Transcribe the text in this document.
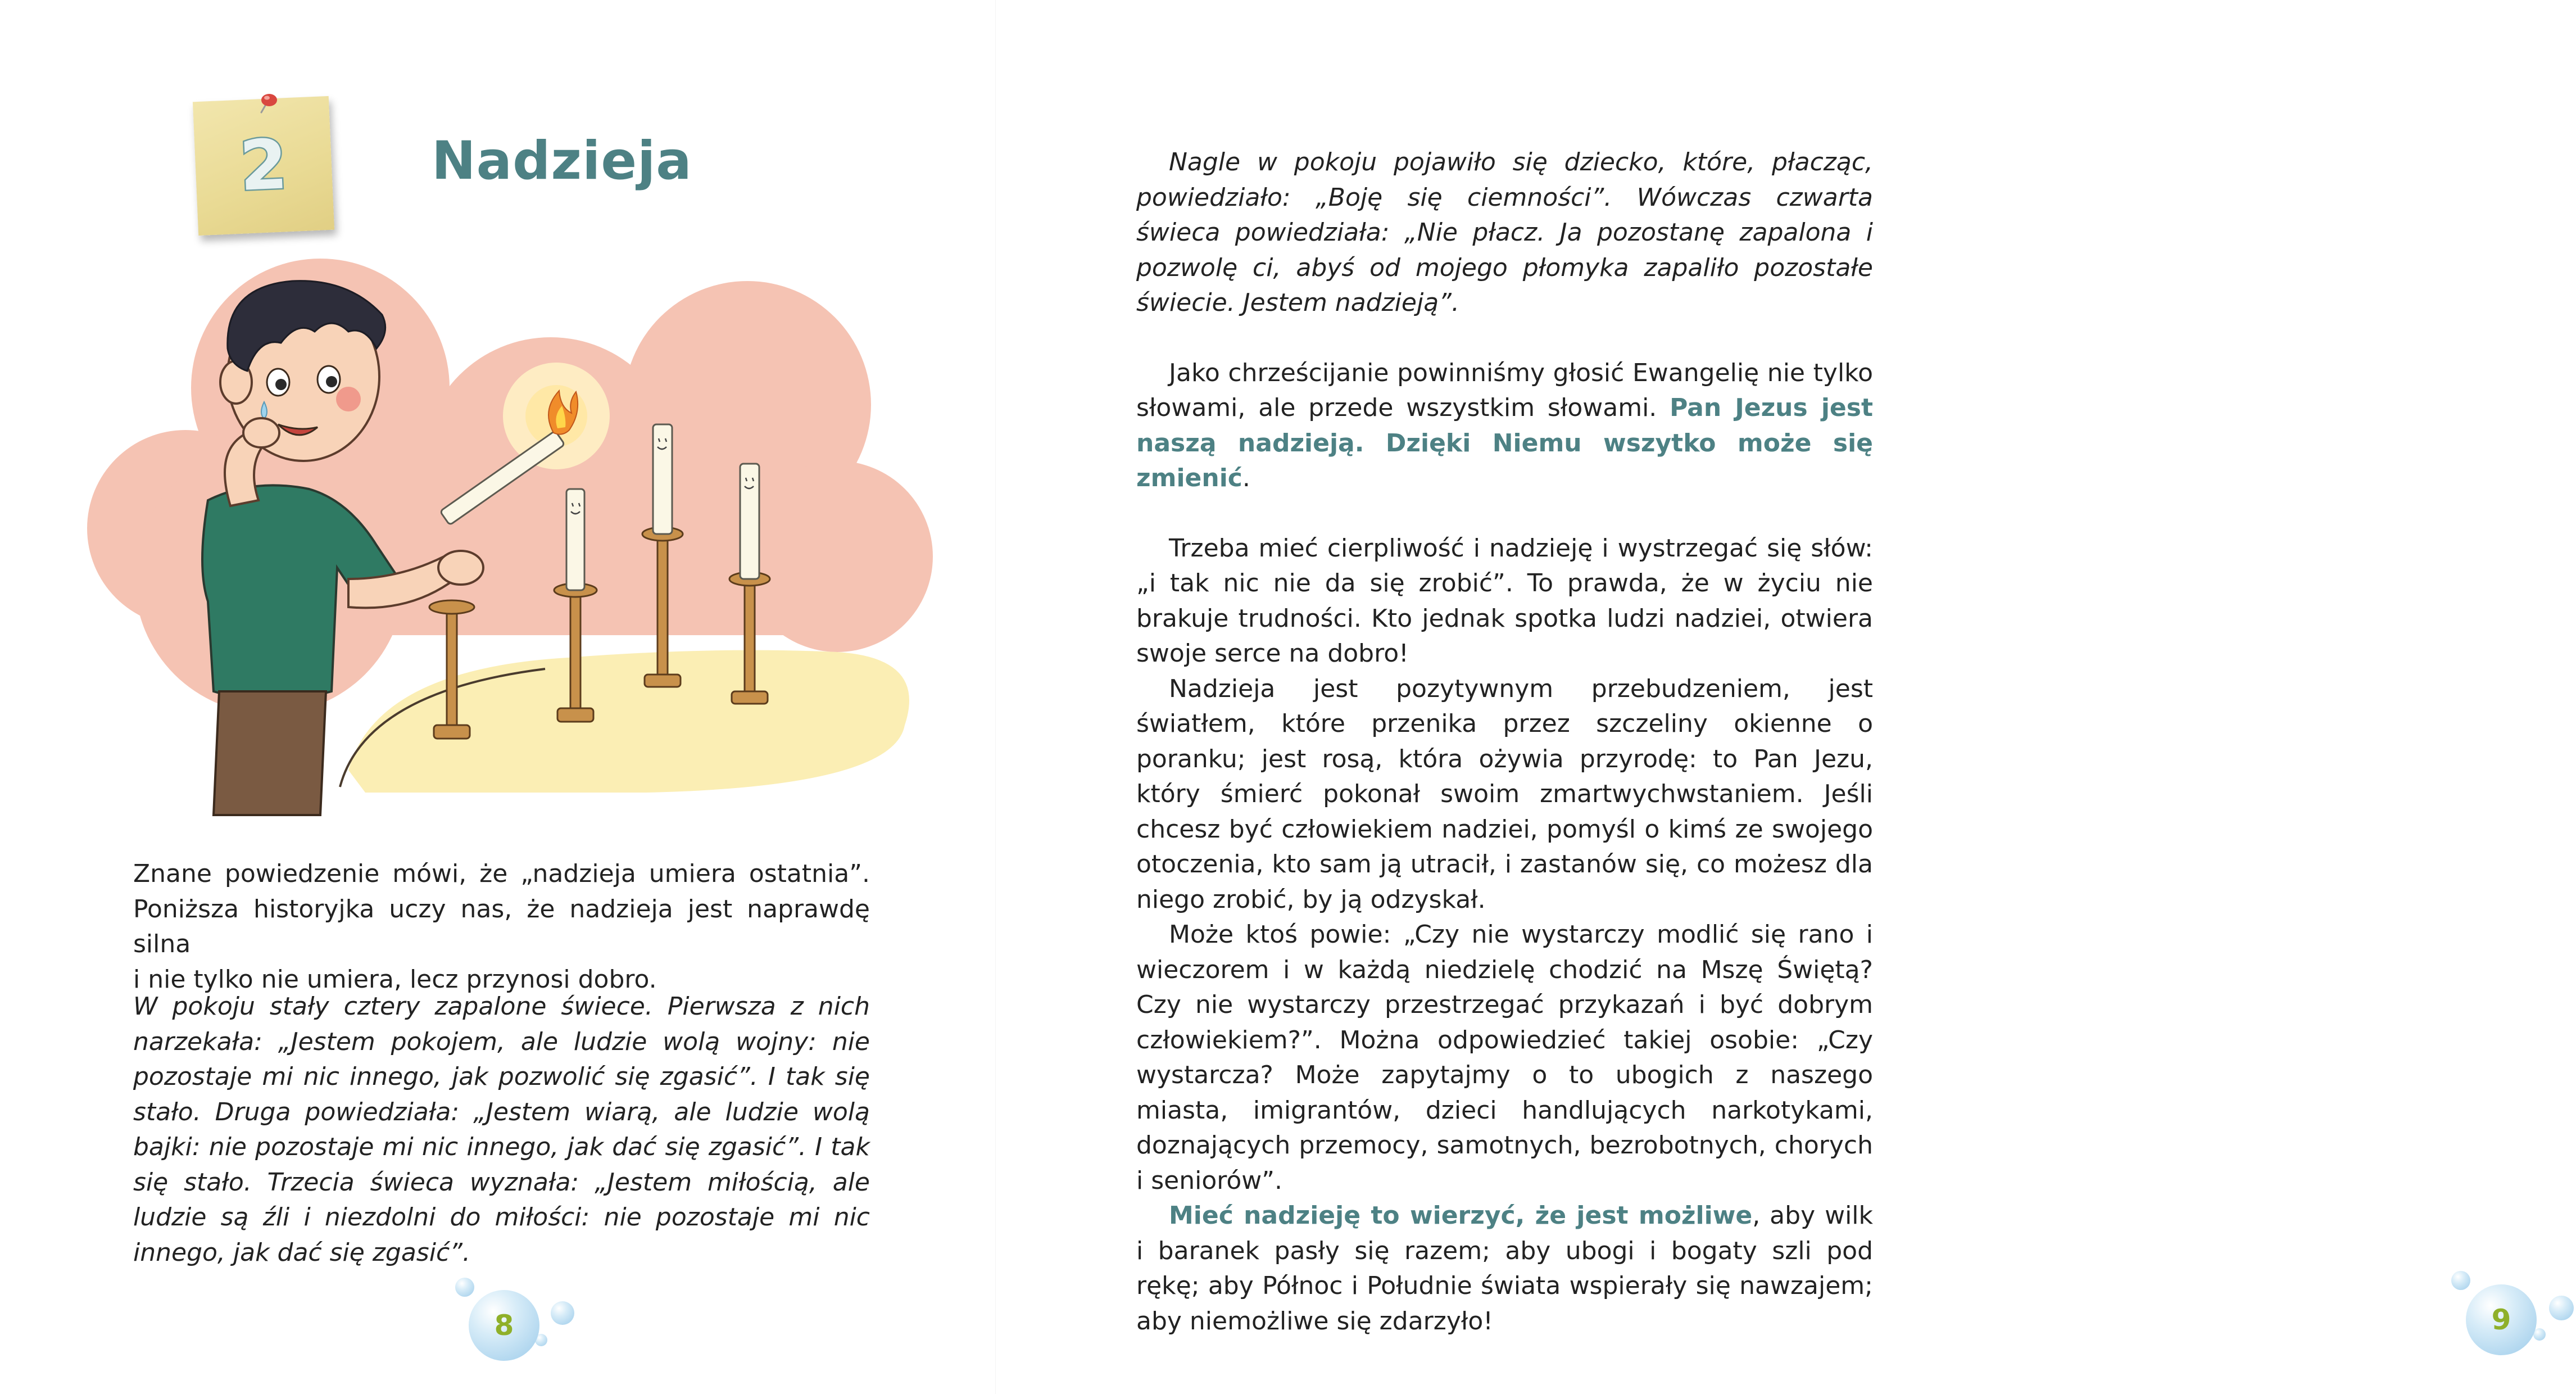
2	Nadzieja

Znane powiedzenie mówi, że „nadzieja umiera ostatnia”.

Poniższa historyjka uczy nas, że nadzieja jest naprawdę silna

i nie tylko nie umiera, lecz przynosi dobro.

W pokoju stały cztery zapalone świece. Pierwsza z nich narzekała: „Jestem pokojem, ale ludzie wolą wojny: nie pozostaje mi nic innego, jak pozwolić się zgasić”. I tak się stało. Druga powiedziała: „Jestem wiarą, ale ludzie wolą bajki: nie pozostaje mi nic innego, jak dać się zgasić”. I tak się stało. Trzecia świeca wyznała: „Jestem miłością, ale ludzie są źli i niezdolni do miłości: nie pozostaje mi nic innego, jak dać się zgasić”.

8

Nagle w pokoju pojawiło się dziecko, które, płacząc, powiedziało: „Boję się ciemności”. Wówczas czwarta świeca powiedziała: „Nie płacz. Ja pozostanę zapalona i pozwolę ci, abyś od mojego płomyka zapaliło pozostałe świecie. Jestem nadzieją”.

Jako chrześcijanie powinniśmy głosić Ewangelię nie tylko słowami, ale przede wszystkim słowami. Pan Jezus jest naszą nadzieją. Dzięki Niemu wszytko może się zmienić.

Trzeba mieć cierpliwość i nadzieję i wystrzegać się słów: „i tak nic nie da się zrobić”. To prawda, że w życiu nie brakuje trudności. Kto jednak spotka ludzi nadziei, otwiera swoje serce na dobro!

Nadzieja jest pozytywnym przebudzeniem, jest światłem, które przenika przez szczeliny okienne o poranku; jest rosą, która ożywia przyrodę: to Pan Jezu, który śmierć pokonał swoim zmartwychwstaniem. Jeśli chcesz być człowiekiem nadziei, pomyśl o kimś ze swojego otoczenia, kto sam ją utracił, i zastanów się, co możesz dla niego zrobić, by ją odzyskał.

Może ktoś powie: „Czy nie wystarczy modlić się rano i wieczorem i w każdą niedzielę chodzić na Mszę Świętą? Czy nie wystarczy przestrzegać przykazań i być dobrym człowiekiem?”. Można odpowiedzieć takiej osobie: „Czy wystarcza? Może zapytajmy o to ubogich z naszego miasta, imigrantów, dzieci handlujących narkotykami, doznających przemocy, samotnych, bezrobotnych, chorych i seniorów”.

Mieć nadzieję to wierzyć, że jest możliwe, aby wilk i baranek pasły się razem; aby ubogi i bogaty szli pod rękę; aby Północ i Południe świata wspierały się nawzajem; aby niemożliwe się zdarzyło!	9
